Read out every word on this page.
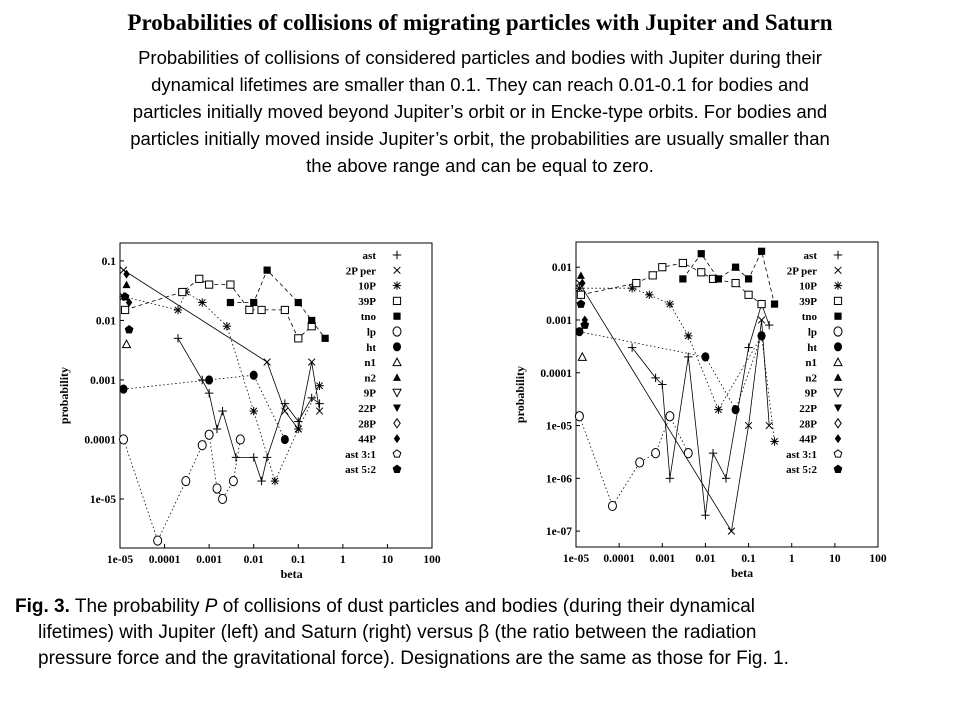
Probabilities of collisions of migrating particles with Jupiter and Saturn
Probabilities of collisions of considered particles and bodies with Jupiter during their
dynamical lifetimes are smaller than 0.1. They can reach 0.01-0.1 for bodies and
particles initially moved beyond Jupiter’s orbit or in Encke-type orbits. For bodies and
particles initially moved inside Jupiter’s orbit, the probabilities are usually smaller than
the above range and can be equal to zero.
1e-05 0.0001 0.001 0.01 0.1	1	10	100
0.1
0.01
0.001
0.0001
1e-05
beta
probability
ast
2P per
10P
39P
tno
lp
ht
n1
n2
9P
22P
28P
44P
ast 3:1
ast 5:2
1e-05 0.0001 0.001 0.01 0.1	1	10	100
0.01
0.001
0.0001
1e-05
1e-06
1e-07
beta
probability
ast
2P per
10P
39P
tno
lp
ht
n1
n2
9P
22P
28P
44P
ast 3:1
ast 5:2
Fig. 3. The probability P of collisions of dust particles and bodies (during their dynamical
lifetimes) with Jupiter (left) and Saturn (right) versus β (the ratio between the radiation
pressure force and the gravitational force). Designations are the same as those for Fig. 1.
